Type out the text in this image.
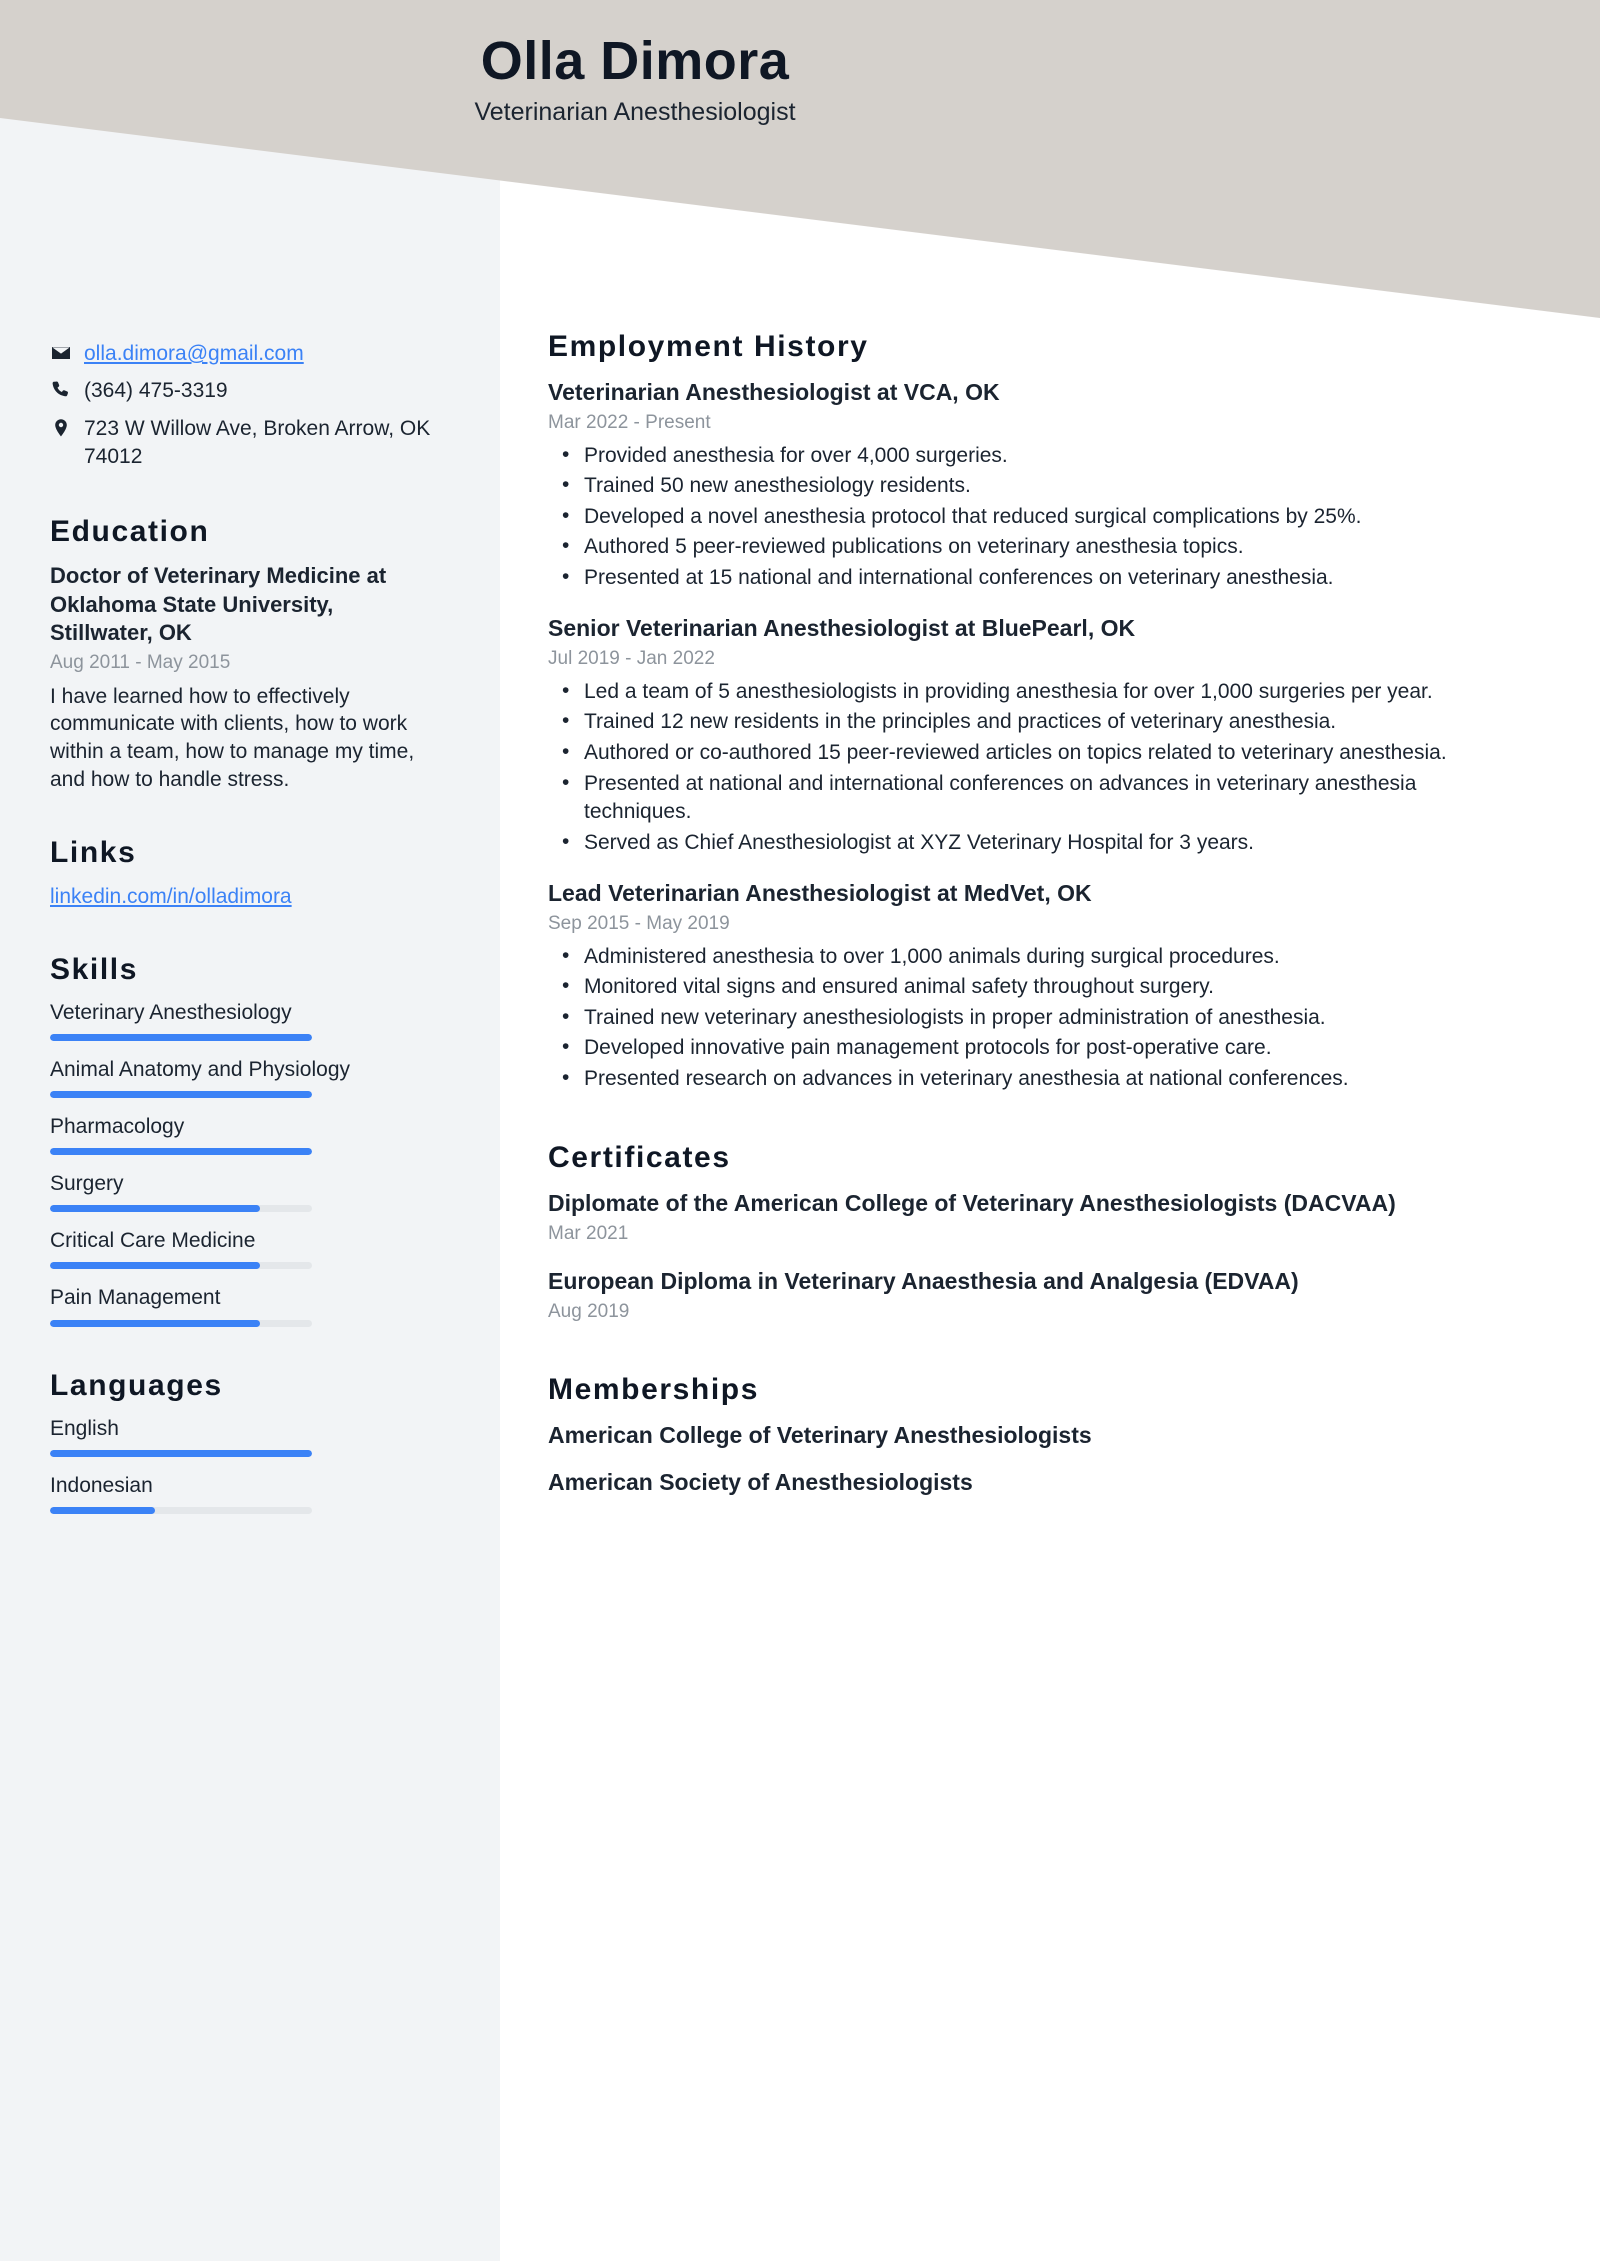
Olla Dimora
Veterinarian Anesthesiologist
olla.dimora@gmail.com
(364) 475-3319
723 W Willow Ave, Broken Arrow, OK 74012
Education
Doctor of Veterinary Medicine at Oklahoma State University, Stillwater, OK
Aug 2011 - May 2015
I have learned how to effectively communicate with clients, how to work within a team, how to manage my time, and how to handle stress.
Links
linkedin.com/in/olladimora
Skills
Veterinary Anesthesiology
Animal Anatomy and Physiology
Pharmacology
Surgery
Critical Care Medicine
Pain Management
Languages
English
Indonesian
Employment History
Veterinarian Anesthesiologist at VCA, OK
Mar 2022 - Present
• Provided anesthesia for over 4,000 surgeries.
• Trained 50 new anesthesiology residents.
• Developed a novel anesthesia protocol that reduced surgical complications by 25%.
• Authored 5 peer-reviewed publications on veterinary anesthesia topics.
• Presented at 15 national and international conferences on veterinary anesthesia.
Senior Veterinarian Anesthesiologist at BluePearl, OK
Jul 2019 - Jan 2022
• Led a team of 5 anesthesiologists in providing anesthesia for over 1,000 surgeries per year.
• Trained 12 new residents in the principles and practices of veterinary anesthesia.
• Authored or co-authored 15 peer-reviewed articles on topics related to veterinary anesthesia.
• Presented at national and international conferences on advances in veterinary anesthesia techniques.
• Served as Chief Anesthesiologist at XYZ Veterinary Hospital for 3 years.
Lead Veterinarian Anesthesiologist at MedVet, OK
Sep 2015 - May 2019
• Administered anesthesia to over 1,000 animals during surgical procedures.
• Monitored vital signs and ensured animal safety throughout surgery.
• Trained new veterinary anesthesiologists in proper administration of anesthesia.
• Developed innovative pain management protocols for post-operative care.
• Presented research on advances in veterinary anesthesia at national conferences.
Certificates
Diplomate of the American College of Veterinary Anesthesiologists (DACVAA)
Mar 2021
European Diploma in Veterinary Anaesthesia and Analgesia (EDVAA)
Aug 2019
Memberships
American College of Veterinary Anesthesiologists
American Society of Anesthesiologists
